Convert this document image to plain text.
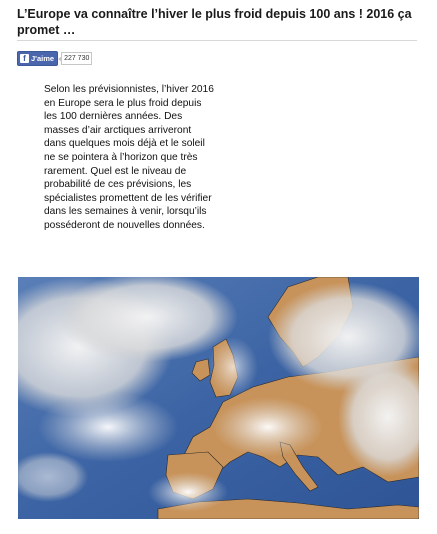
L’Europe va connaître l’hiver le plus froid depuis 100 ans ! 2016 ça promet …
f J'aime	227 730

Selon les prévisionnistes, l’hiver 2016 en Europe sera le plus froid depuis les 100 dernières années. Des masses d’air arctiques arriveront dans quelques mois déjà et le soleil ne se pointera à l’horizon que très rarement. Quel est le niveau de probabilité de ces prévisions, les spécialistes promettent de les vérifier dans les semaines à venir, lorsqu’ils posséderont de nouvelles données.
